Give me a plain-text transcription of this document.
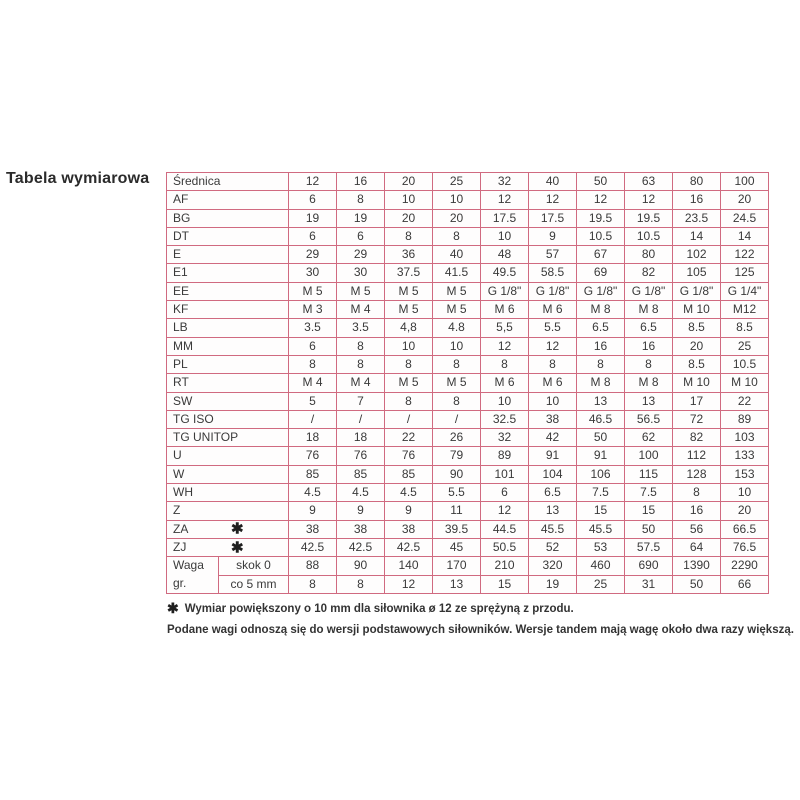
Tabela wymiarowa Średnica		12	16	20	25	32	40	50	63	80	100
AF		6	8	10	10	12	12	12	12	16	20
BG		19	19	20	20	17.5	17.5	19.5	19.5	23.5	24.5
DT		6	6	8	8	10	9	10.5	10.5	14	14
E		29	29	36	40	48	57	67	80	102	122
E1		30	30	37.5	41.5	49.5	58.5	69	82	105	125
EE		M 5	M 5	M 5	M 5	G 1/8"	G 1/8"	G 1/8"	G 1/8"	G 1/8"	G 1/4"
KF		M 3	M 4	M 5	M 5	M 6	M 6	M 8	M 8	M 10	M12
LB		3.5	3.5	4,8	4.8	5,5	5.5	6.5	6.5	8.5	8.5
MM		6	8	10	10	12	12	16	16	20	25
PL		8	8	8	8	8	8	8	8	8.5	10.5
RT		M 4	M 4	M 5	M 5	M 6	M 6	M 8	M 8	M 10	M 10
SW		5	7	8	8	10	10	13	13	17	22
TG ISO		/	/	/	/	32.5	38	46.5	56.5	72	89
TG UNITOP		18	18	22	26	32	42	50	62	82	103
U		76	76	76	79	89	91	91	100	112	133
W		85	85	85	90	101	104	106	115	128	153
WH		4.5	4.5	4.5	5.5	6	6.5	7.5	7.5	8	10
Z		9	9	9	11	12	13	15	15	16	20
ZA ✱		38	38	38	39.5	44.5	45.5	45.5	50	56	66.5
ZJ ✱		42.5	42.5	42.5	45	50.5	52	53	57.5	64	76.5

Waga
gr.	skok 0	88	90	140	170	210	320	460	690	1390	2290
	co 5 mm	8	8	12	13	15	19	25	31	50	66
✱ Wymiar powiększony o 10 mm dla siłownika ø 12 ze sprężyną z przodu.
Podane wagi odnoszą się do wersji podstawowych siłowników. Wersje tandem mają wagę około dwa razy większą.
